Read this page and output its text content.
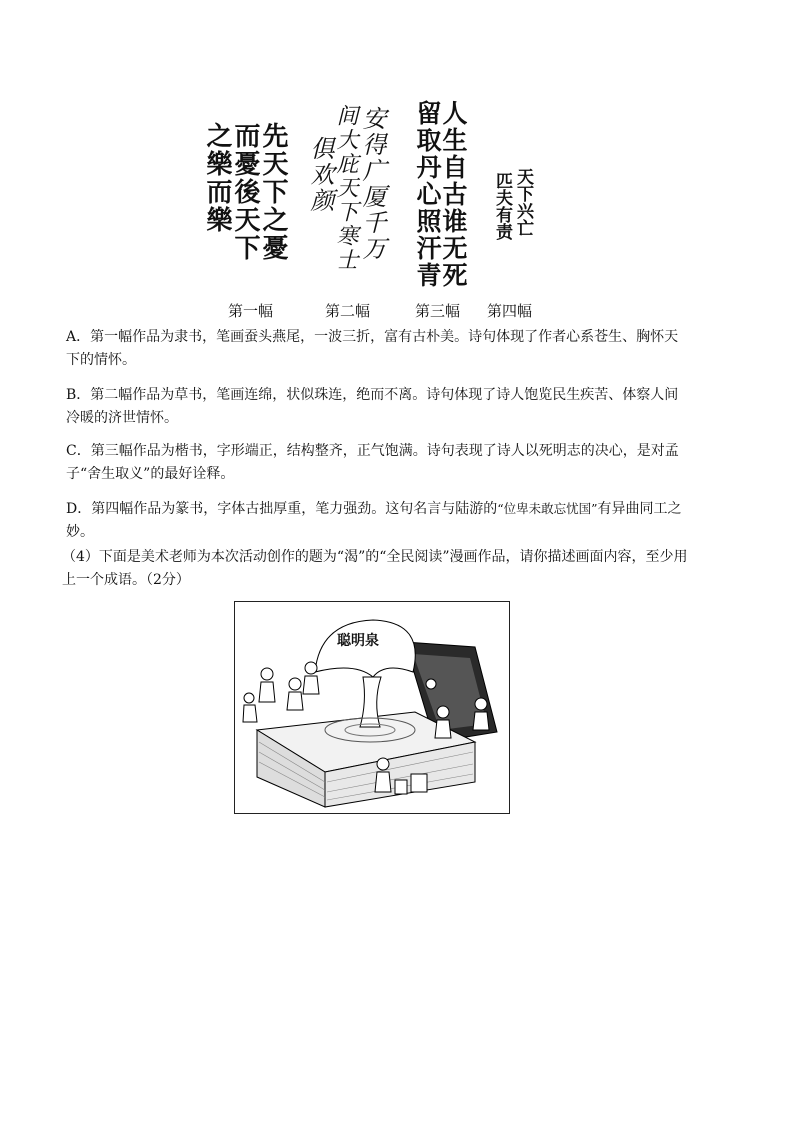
先天下之憂
而憂後天下
之樂而樂	安得广厦千万
间大庇天下寒士
俱欢颜	人生自古谁无死
留取丹心照汗青	天下兴亡
匹夫有责
第一幅	第二幅	第三幅 第四幅
A．第一幅作品为隶书，笔画蚕头燕尾，一波三折，富有古朴美。诗句体现了作者心系苍生、胸怀天下的情怀。
B．第二幅作品为草书，笔画连绵，状似珠连，绝而不离。诗句体现了诗人饱览民生疾苦、体察人间冷暖的济世情怀。
C．第三幅作品为楷书，字形端正，结构整齐，正气饱满。诗句表现了诗人以死明志的决心，是对孟子“舍生取义”的最好诠释。
D．第四幅作品为篆书，字体古拙厚重，笔力强劲。这句名言与陆游的“位卑未敢忘忧国”有异曲同工之妙。
（4）下面是美术老师为本次活动创作的题为“渴”的“全民阅读”漫画作品，请你描述画面内容，至少用上一个成语。（2分）
聪明泉
